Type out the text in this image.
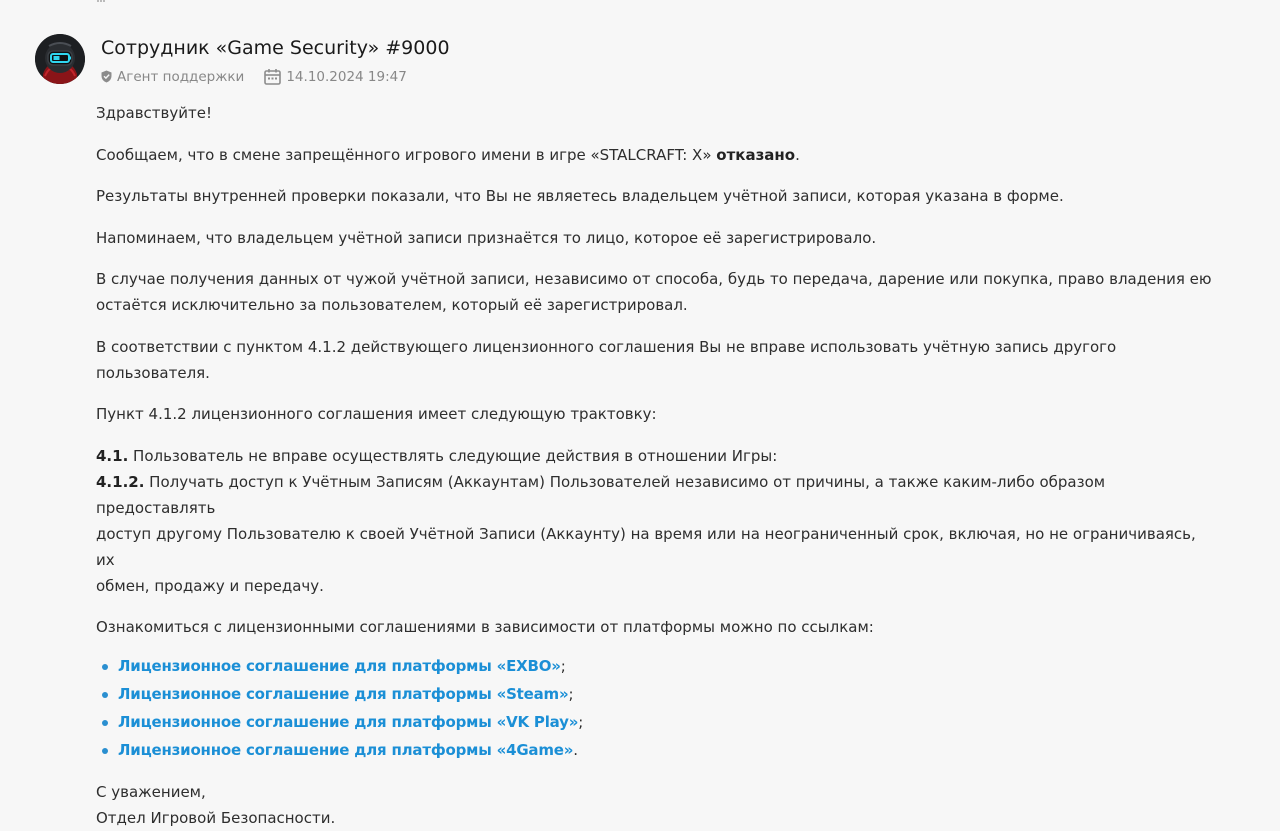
Сотрудник «Game Security» #9000
Агент поддержки	14.10.2024 19:47

Здравствуйте!

Сообщаем, что в смене запрещённого игрового имени в игре «STALCRAFT: X» отказано.

Результаты внутренней проверки показали, что Вы не являетесь владельцем учётной записи, которая указана в форме.

Напоминаем, что владельцем учётной записи признаётся то лицо, которое её зарегистрировало.

В случае получения данных от чужой учётной записи, независимо от способа, будь то передача, дарение или покупка, право владения ею
остаётся исключительно за пользователем, который её зарегистрировал.

В соответствии с пунктом 4.1.2 действующего лицензионного соглашения Вы не вправе использовать учётную запись другого пользователя.

Пункт 4.1.2 лицензионного соглашения имеет следующую трактовку:

4.1. Пользователь не вправе осуществлять следующие действия в отношении Игры:
4.1.2. Получать доступ к Учётным Записям (Аккаунтам) Пользователей независимо от причины, а также каким-либо образом предоставлять
доступ другому Пользователю к своей Учётной Записи (Аккаунту) на время или на неограниченный срок, включая, но не ограничиваясь, их
обмен, продажу и передачу.

Ознакомиться с лицензионными соглашениями в зависимости от платформы можно по ссылкам:

Лицензионное соглашение для платформы «EXBO»;
Лицензионное соглашение для платформы «Steam»;
Лицензионное соглашение для платформы «VK Play»;
Лицензионное соглашение для платформы «4Game».
С уважением,
Отдел Игровой Безопасности.
